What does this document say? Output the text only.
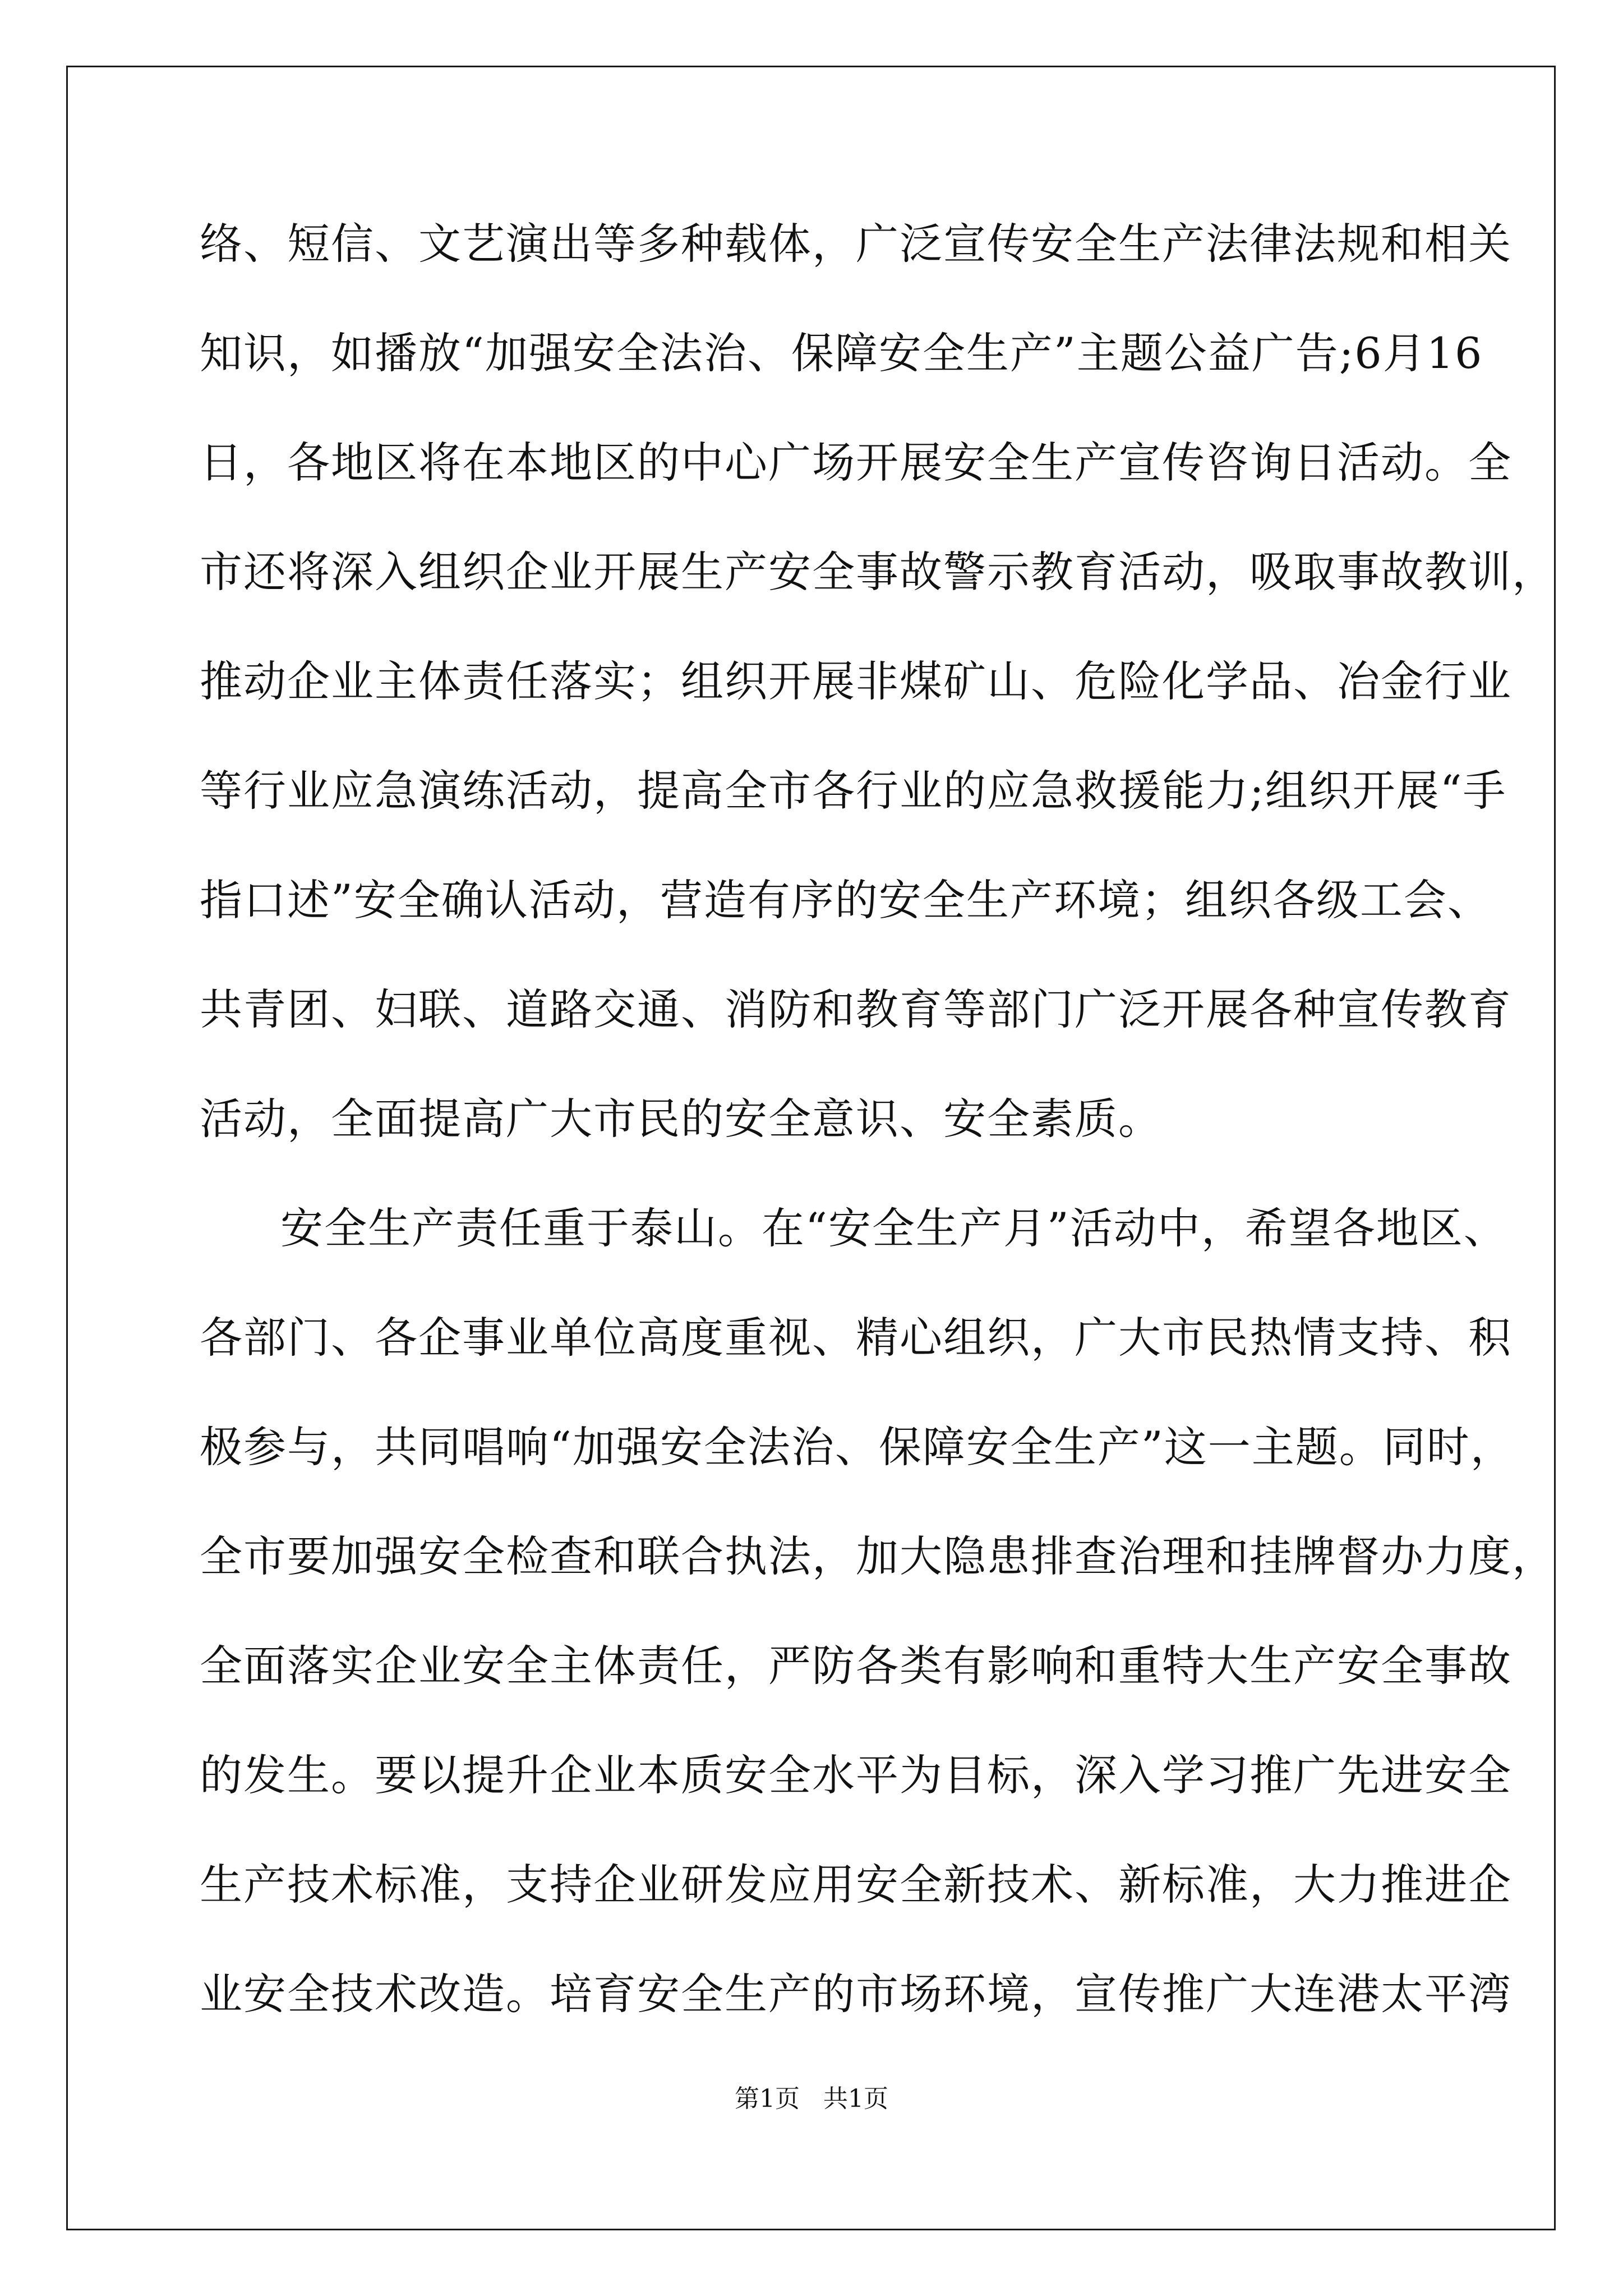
络、短信、文艺演出等多种载体，广泛宣传安全生产法律法规和相关
知识，如播放“加强安全法治、保障安全生产”主题公益广告;6月16
日，各地区将在本地区的中心广场开展安全生产宣传咨询日活动。全
市还将深入组织企业开展生产安全事故警示教育活动，吸取事故教训，
推动企业主体责任落实；组织开展非煤矿山、危险化学品、冶金行业
等行业应急演练活动，提高全市各行业的应急救援能力;组织开展“手
指口述”安全确认活动，营造有序的安全生产环境；组织各级工会、
共青团、妇联、道路交通、消防和教育等部门广泛开展各种宣传教育
活动，全面提高广大市民的安全意识、安全素质。
安全生产责任重于泰山。在“安全生产月”活动中，希望各地区、
各部门、各企事业单位高度重视、精心组织，广大市民热情支持、积
极参与，共同唱响“加强安全法治、保障安全生产”这一主题。同时，
全市要加强安全检查和联合执法，加大隐患排查治理和挂牌督办力度，
全面落实企业安全主体责任，严防各类有影响和重特大生产安全事故
的发生。要以提升企业本质安全水平为目标，深入学习推广先进安全
生产技术标准，支持企业研发应用安全新技术、新标准，大力推进企
业安全技术改造。培育安全生产的市场环境，宣传推广大连港太平湾
第1页   共1页
